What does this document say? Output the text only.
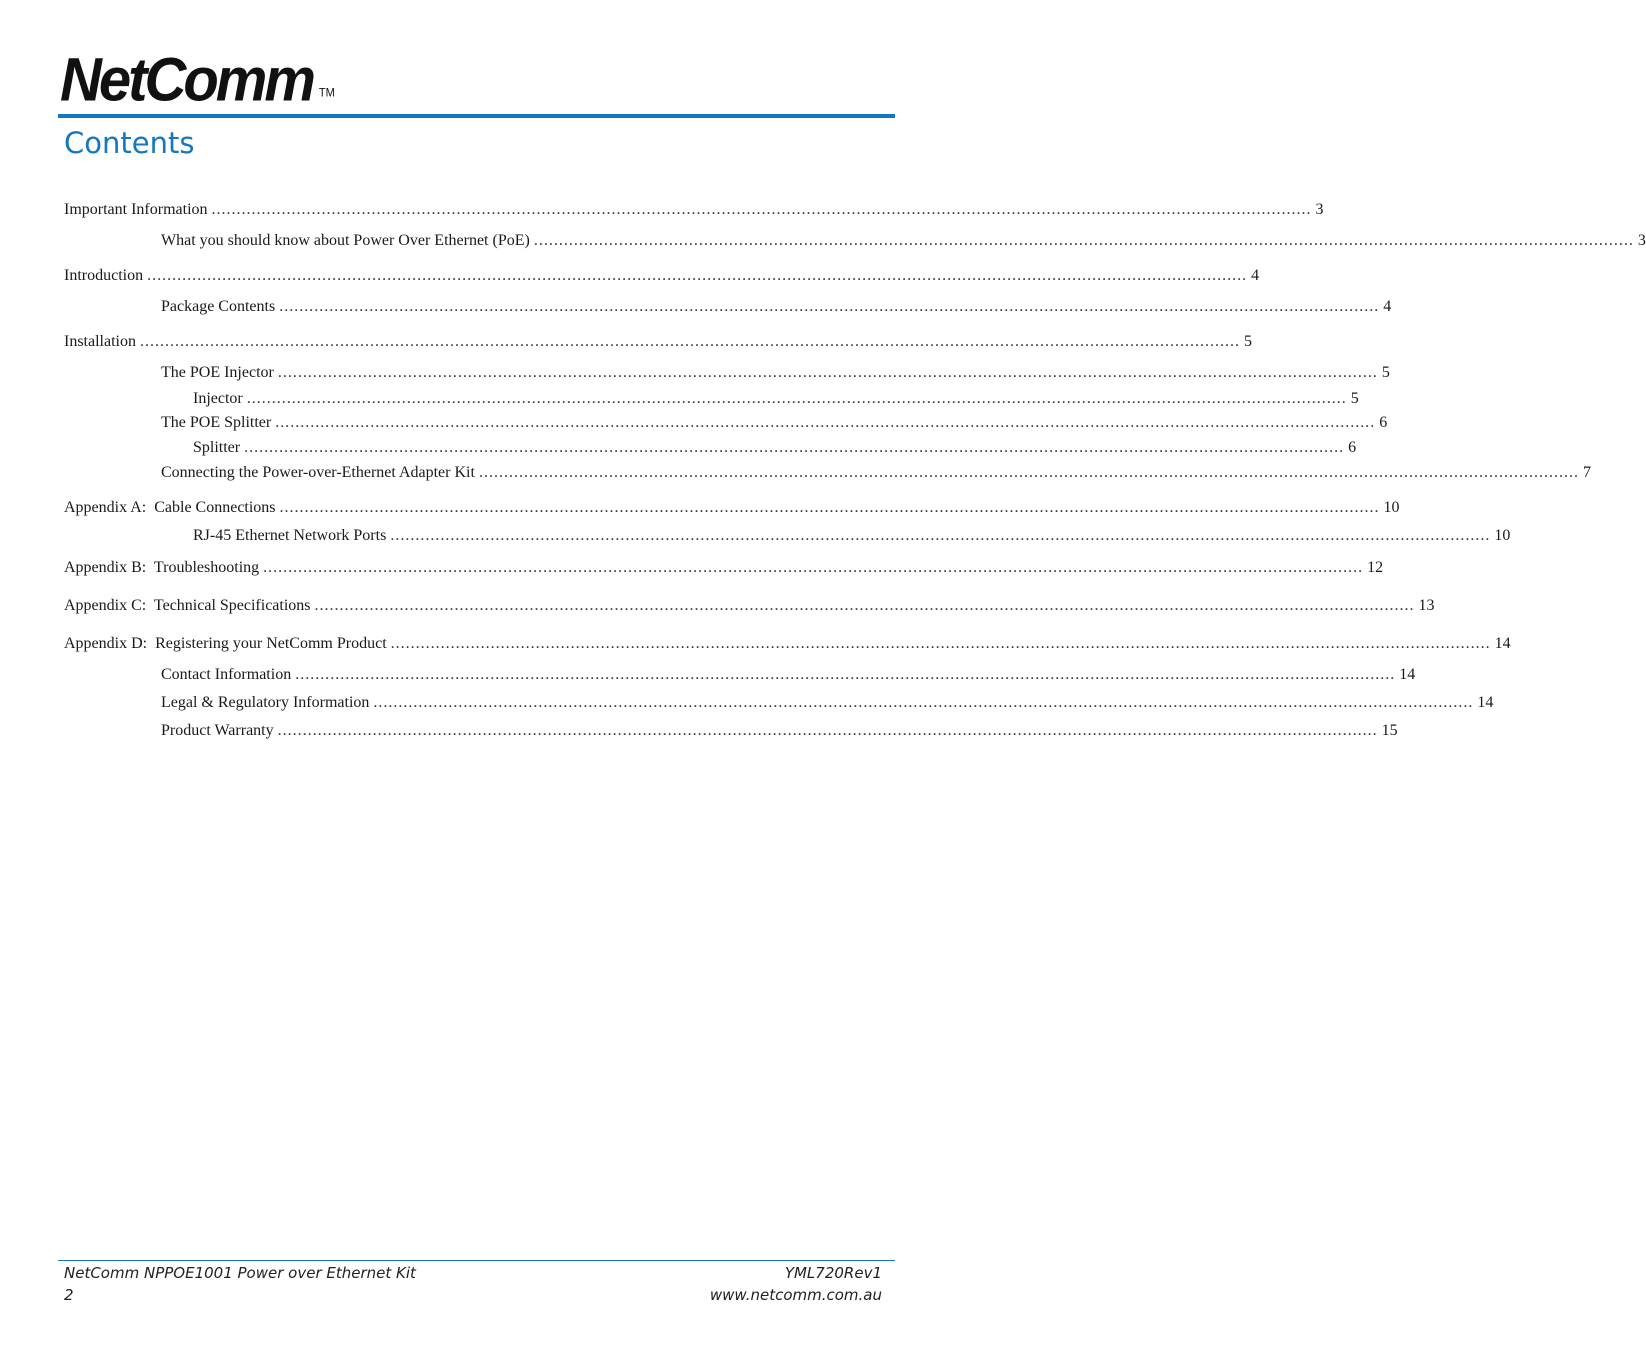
NetComm ™
Contents
Important Information ............................................................................................................................................................................................................................ 3
What you should know about Power Over Ethernet (PoE) ............................................................................................................................................................................................................................ 3
Introduction ............................................................................................................................................................................................................................ 4
Package Contents ............................................................................................................................................................................................................................ 4
Installation ............................................................................................................................................................................................................................ 5
The POE Injector ............................................................................................................................................................................................................................ 5
Injector ............................................................................................................................................................................................................................ 5
The POE Splitter ............................................................................................................................................................................................................................ 6
Splitter ............................................................................................................................................................................................................................ 6
Connecting the Power-over-Ethernet Adapter Kit ............................................................................................................................................................................................................................ 7
Appendix A:  Cable Connections ............................................................................................................................................................................................................................ 10
RJ-45 Ethernet Network Ports ............................................................................................................................................................................................................................ 10
Appendix B:  Troubleshooting ............................................................................................................................................................................................................................ 12
Appendix C:  Technical Specifications ............................................................................................................................................................................................................................ 13
Appendix D:  Registering your NetComm Product ............................................................................................................................................................................................................................ 14
Contact Information ............................................................................................................................................................................................................................ 14
Legal & Regulatory Information ............................................................................................................................................................................................................................ 14
Product Warranty ............................................................................................................................................................................................................................ 15
NetComm NPPOE1001 Power over Ethernet Kit
2
YML720Rev1
www.netcomm.com.au
